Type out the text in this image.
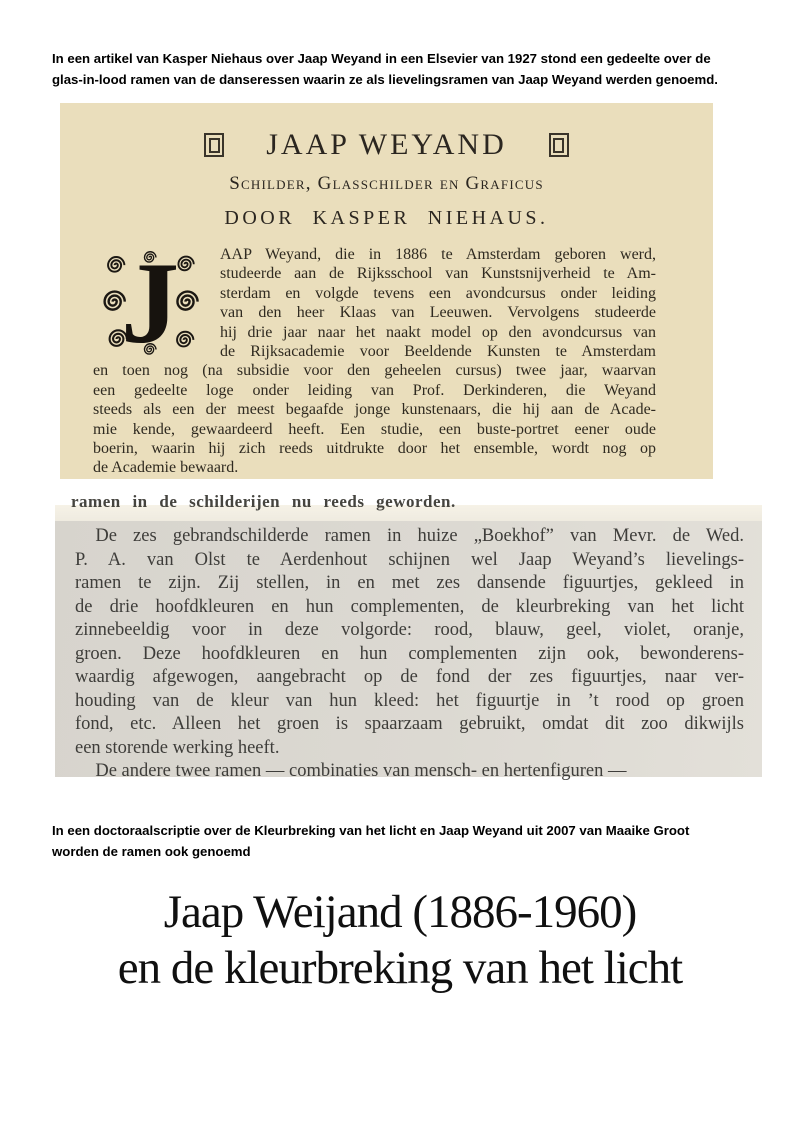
In een artikel van Kasper Niehaus over Jaap Weyand in een Elsevier van 1927 stond een gedeelte over de
glas-in-lood ramen van de danseressen waarin ze als lievelingsramen van Jaap Weyand werden genoemd.

JAAP WEYAND
Schilder, Glasschilder en Graficus
DOOR KASPER NIEHAUS.
J	AAP Weyand, die in 1886 te Amsterdam geboren werd,
studeerde aan de Rijksschool van Kunstsnijverheid te Am-
sterdam en volgde tevens een avondcursus onder leiding
van den heer Klaas van Leeuwen. Vervolgens studeerde
hij drie jaar naar het naakt model op den avondcursus van
de Rijksacademie voor Beeldende Kunsten te Amsterdam
en toen nog (na subsidie voor den geheelen cursus) twee jaar, waarvan
een gedeelte loge onder leiding van Prof. Derkinderen, die Weyand
steeds als een der meest begaafde jonge kunstenaars, die hij aan de Acade-
mie kende, gewaardeerd heeft. Een studie, een buste-portret eener oude
boerin, waarin hij zich reeds uitdrukte door het ensemble, wordt nog op
de Academie bewaard.
ramen in de schilderijen nu reeds geworden.
De zes gebrandschilderde ramen in huize „Boekhof” van Mevr. de Wed.
P. A. van Olst te Aerdenhout schijnen wel Jaap Weyand’s lievelings-
ramen te zijn. Zij stellen, in en met zes dansende figuurtjes, gekleed in
de drie hoofdkleuren en hun complementen, de kleurbreking van het licht
zinnebeeldig voor in deze volgorde: rood, blauw, geel, violet, oranje,
groen. Deze hoofdkleuren en hun complementen zijn ook, bewonderens-
waardig afgewogen, aangebracht op de fond der zes figuurtjes, naar ver-
houding van de kleur van hun kleed: het figuurtje in ’t rood op groen
fond, etc. Alleen het groen is spaarzaam gebruikt, omdat dit zoo dikwijls
een storende werking heeft.
De andere twee ramen — combinaties van mensch- en hertenfiguren —

In een doctoraalscriptie over de Kleurbreking van het licht en Jaap Weyand uit 2007 van Maaike Groot
worden de ramen ook genoemd

Jaap Weijand (1886-1960)
en de kleurbreking van het licht
